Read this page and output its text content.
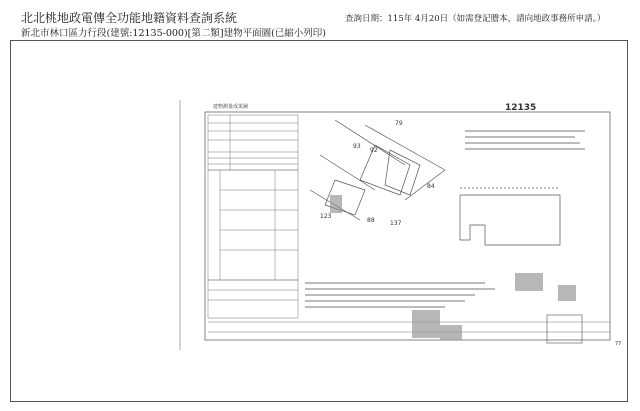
北北桃地政電傳全功能地籍資料查詢系統
新北市林口區力行段(建號:12135-000)[第二類]建物平面圖(已縮小列印)
查詢日期：115年 4月20日（如需登記謄本，請向地政事務所申請。）
建物測量成果圖	12135
79
93
92
84
123
88	137
77
